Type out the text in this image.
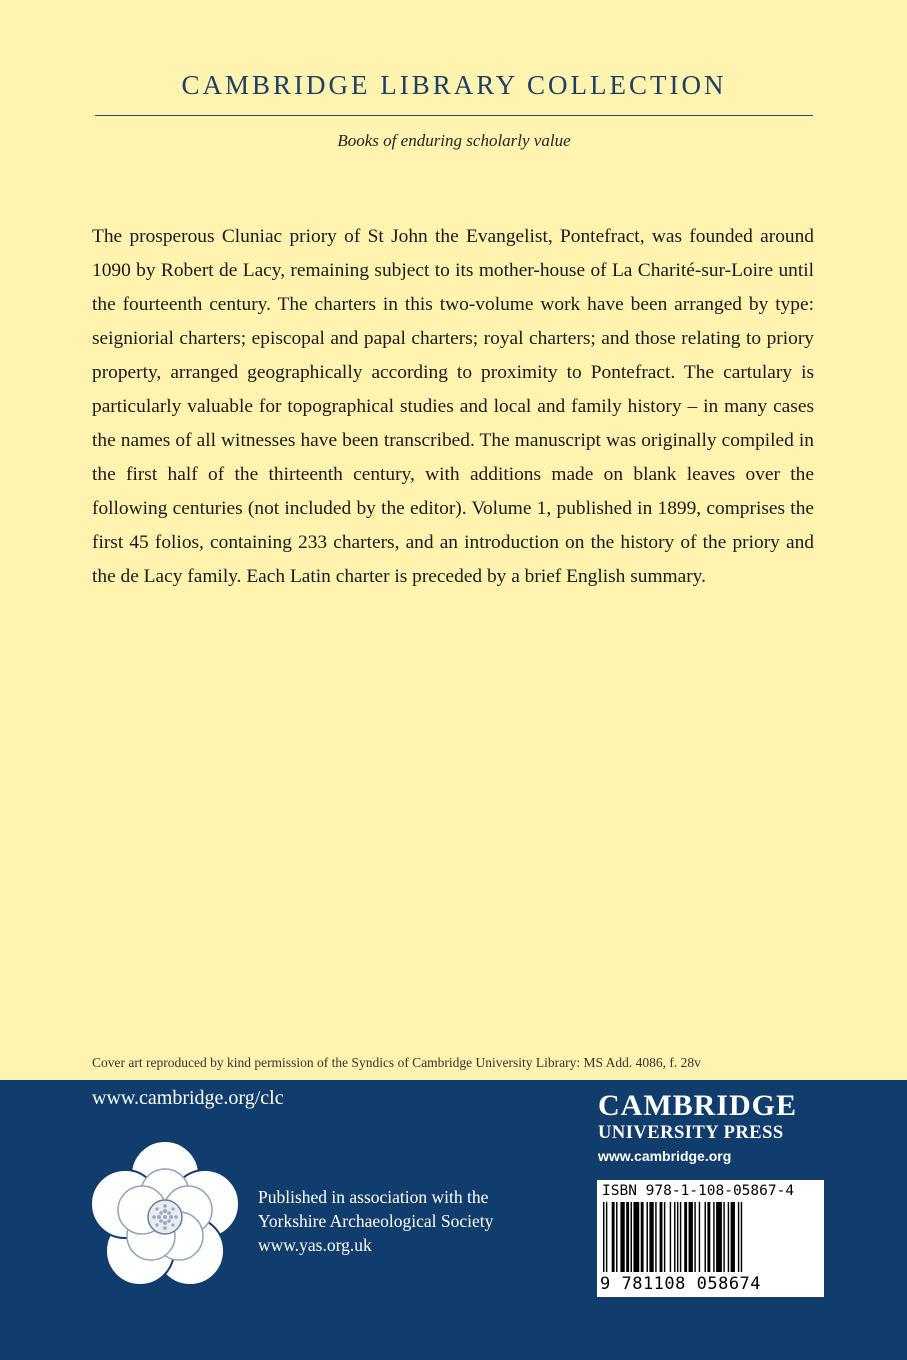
CAMBRIDGE LIBRARY COLLECTION
Books of enduring scholarly value

The prosperous Cluniac priory of St John the Evangelist, Pontefract, was founded around 1090 by Robert de Lacy, remaining subject to its mother-house of La Charité-sur-Loire until the fourteenth century. The charters in this two-volume work have been arranged by type: seigniorial charters; episcopal and papal charters; royal charters; and those relating to priory property, arranged geographically according to proximity to Pontefract. The cartulary is particularly valuable for topographical studies and local and family history – in many cases the names of all witnesses have been transcribed. The manuscript was originally compiled in the first half of the thirteenth century, with additions made on blank leaves over the following centuries (not included by the editor). Volume 1, published in 1899, comprises the first 45 folios, containing 233 charters, and an introduction on the history of the priory and the de Lacy family. Each Latin charter is preceded by a brief English summary.

Cover art reproduced by kind permission of the Syndics of Cambridge University Library: MS Add. 4086, f. 28v
www.cambridge.org/clc
Published in association with the
Yorkshire Archaeological Society
www.yas.org.uk
CAMBRIDGE
UNIVERSITY PRESS
www.cambridge.org
ISBN 978-1-108-05867-4
9 781108 058674
